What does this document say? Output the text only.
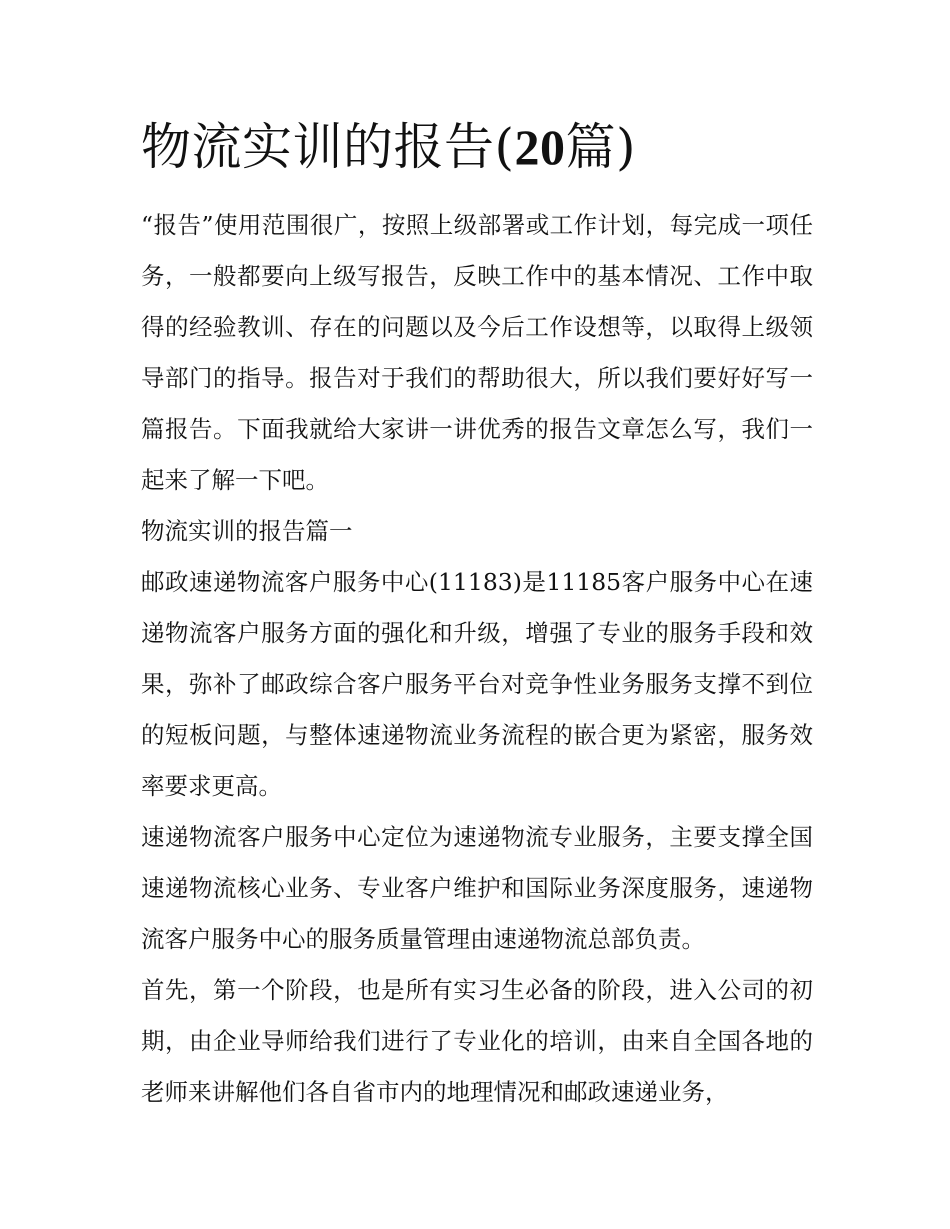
物流实训的报告(20篇)

“报告”使用范围很广，按照上级部署或工作计划，每完成一项任务，一般都要向上级写报告，反映工作中的基本情况、工作中取得的经验教训、存在的问题以及今后工作设想等，以取得上级领导部门的指导。报告对于我们的帮助很大，所以我们要好好写一篇报告。下面我就给大家讲一讲优秀的报告文章怎么写，我们一起来了解一下吧。

物流实训的报告篇一

邮政速递物流客户服务中心(11183)是11185客户服务中心在速递物流客户服务方面的强化和升级，增强了专业的服务手段和效果，弥补了邮政综合客户服务平台对竞争性业务服务支撑不到位的短板问题，与整体速递物流业务流程的嵌合更为紧密，服务效率要求更高。

速递物流客户服务中心定位为速递物流专业服务，主要支撑全国速递物流核心业务、专业客户维护和国际业务深度服务，速递物流客户服务中心的服务质量管理由速递物流总部负责。

首先，第一个阶段，也是所有实习生必备的阶段，进入公司的初期，由企业导师给我们进行了专业化的培训，由来自全国各地的老师来讲解他们各自省市内的地理情况和邮政速递业务，
